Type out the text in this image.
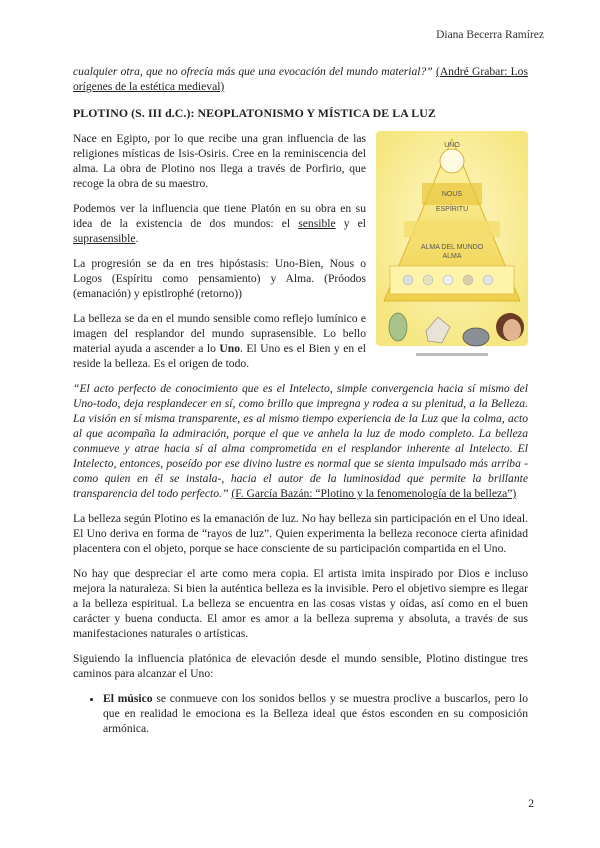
Diana Becerra Ramírez

cualquier otra, que no ofrecía más que una evocación del mundo material?” (André Grabar: Los orígenes de la estética medieval)

PLOTINO (S. III d.C.): NEOPLATONISMO Y MÍSTICA DE LA LUZ
UNO
NOUS
ESPÍRITU
ALMA DEL MUNDO
ALMA

Nace en Egipto, por lo que recibe una gran influencia de las religiones místicas de Isis-Osiris. Cree en la reminiscencia del alma. La obra de Plotino nos llega a través de Porfirio, que recoge la obra de su maestro.

Podemos ver la influencia que tiene Platón en su obra en su idea de la existencia de dos mundos: el sensible y el suprasensible.

La progresión se da en tres hipóstasis: Uno-Bien, Nous o Logos (Espíritu como pensamiento) y Alma. (Próodos (emanación) y epistlrophé (retorno))

La belleza se da en el mundo sensible como reflejo lumínico e imagen del resplandor del mundo suprasensible. Lo bello material ayuda a ascender a lo Uno. El Uno es el Bien y en el reside la belleza. Es el origen de todo.

“El acto perfecto de conocimiento que es el Intelecto, simple convergencia hacia sí mismo del Uno-todo, deja resplandecer en sí, como brillo que impregna y rodea a su plenitud, a la Belleza. La visión en sí misma transparente, es al mismo tiempo experiencia de la Luz que la colma, acto al que acompaña la admiración, porque el que ve anhela la luz de modo completo. La belleza conmueve y atrae hacia sí al alma comprometida en el resplandor inherente al Intelecto. El Intelecto, entonces, poseído por ese divino lustre es normal que se sienta impulsado más arriba -como quien en él se instala-, hacia el autor de la luminosidad que permite la brillante transparencia del todo perfecto.” (F. García Bazán: “Plotino y la fenomenología de la belleza”)

La belleza según Plotino es la emanación de luz. No hay belleza sin participación en el Uno ideal. El Uno deriva en forma de “rayos de luz”. Quien experimenta la belleza reconoce cierta afinidad placentera con el objeto, porque se hace consciente de su participación compartida en el Uno.

No hay que despreciar el arte como mera copia. El artista imita inspirado por Dios e incluso mejora la naturaleza. Si bien la auténtica belleza es la invisible. Pero el objetivo siempre es llegar a la belleza espiritual. La belleza se encuentra en las cosas vistas y oídas, así como en el buen carácter y buena conducta. El amor es amor a la belleza suprema y absoluta, a través de sus manifestaciones naturales o artísticas.

Siguiendo la influencia platónica de elevación desde el mundo sensible, Plotino distingue tres caminos para alcanzar el Uno:

• El músico se conmueve con los sonidos bellos y se muestra proclive a buscarlos, pero lo que en realidad le emociona es la Belleza ideal que éstos esconden en su composición armónica.
2
